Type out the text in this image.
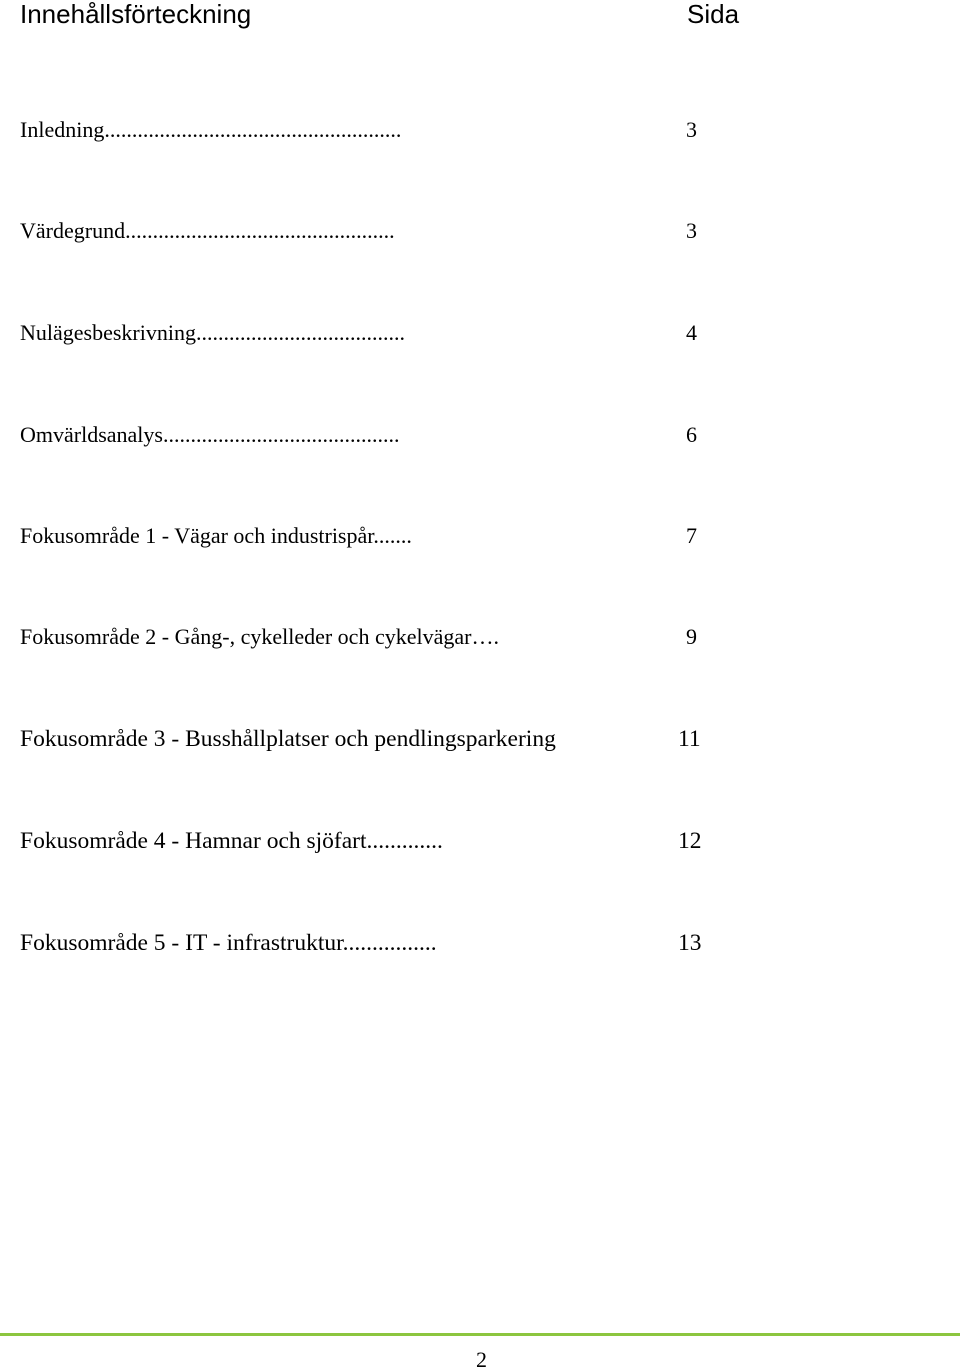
Innehållsförteckning	Sida
Inledning......................................................	3
Värdegrund.................................................	3
Nulägesbeskrivning......................................	4
Omvärldsanalys...........................................	6
Fokusområde 1 - Vägar och industrispår.......	7
Fokusområde 2 - Gång-, cykelleder och cykelvägar….	9
Fokusområde 3 - Busshållplatser och pendlingsparkering	11
Fokusområde 4 - Hamnar och sjöfart.............	12
Fokusområde 5 - IT - infrastruktur................	13
2
